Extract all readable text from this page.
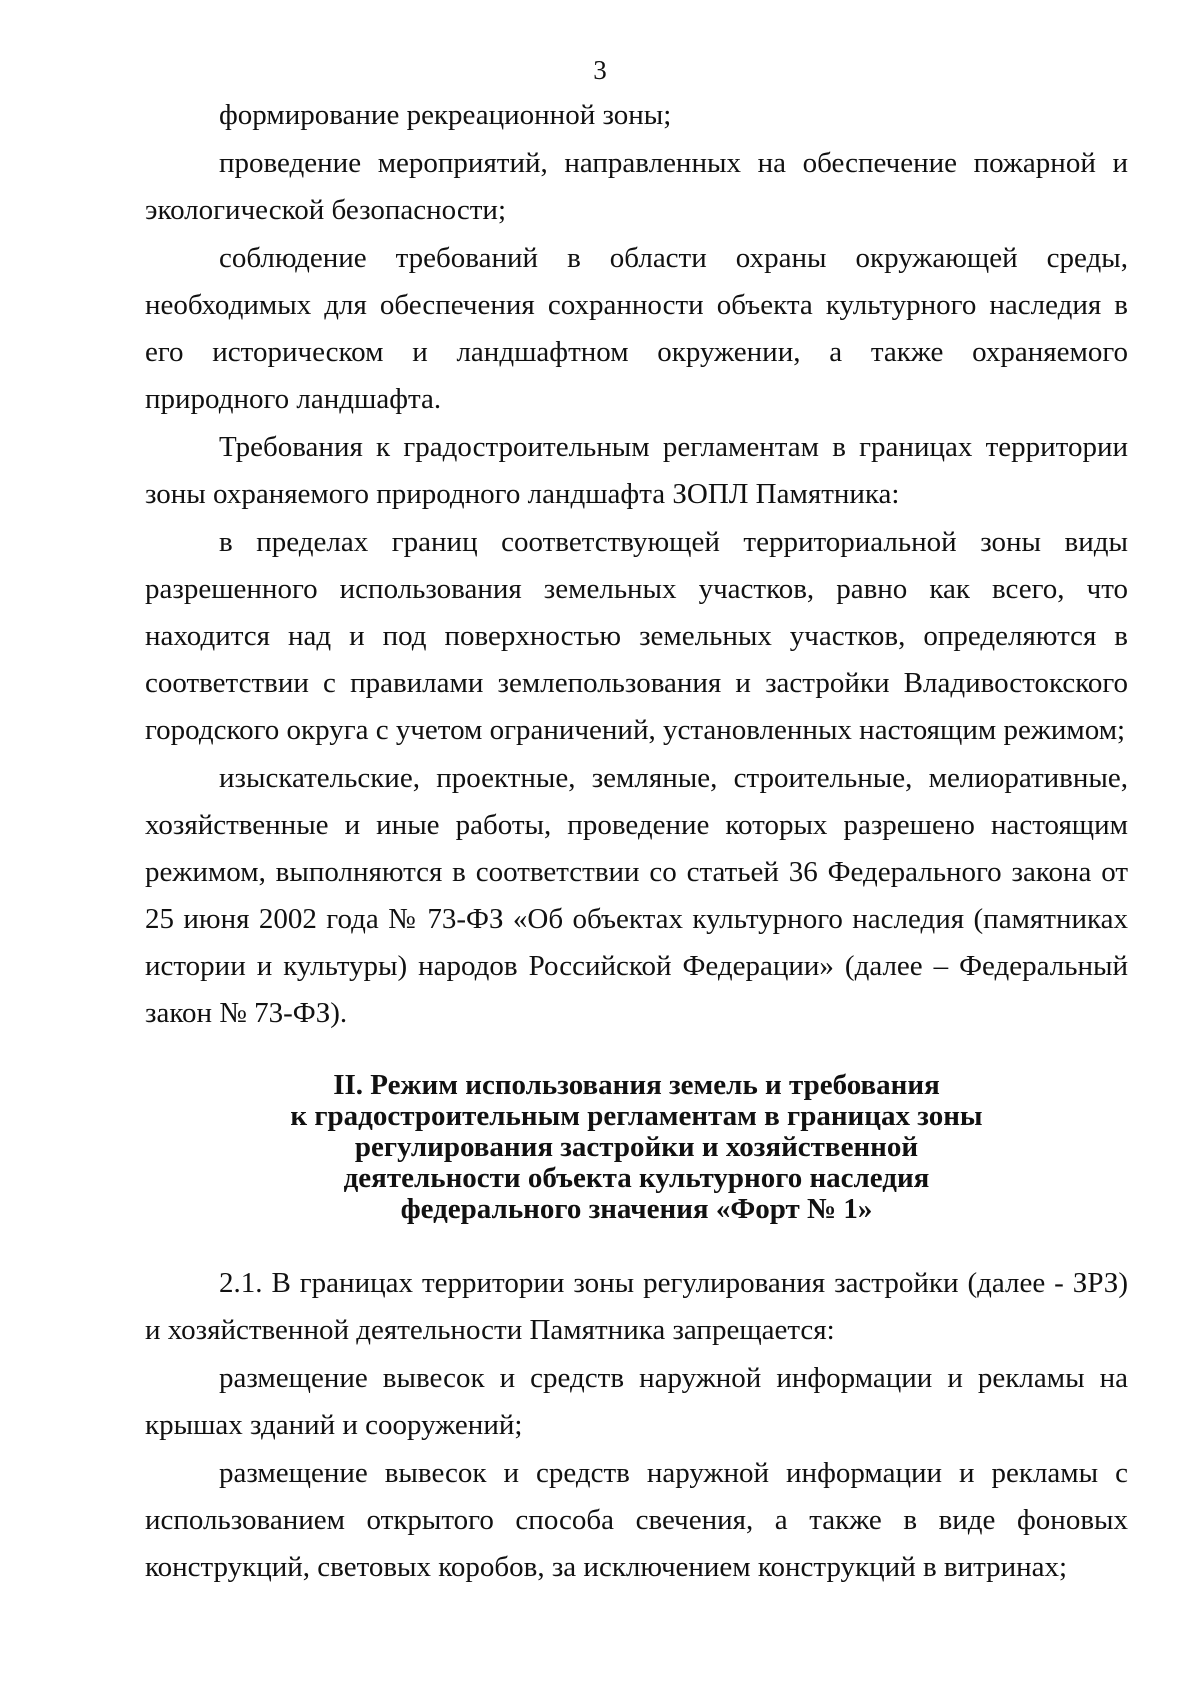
3

формирование рекреационной зоны;

проведение мероприятий, направленных на обеспечение пожарной и экологической безопасности;

соблюдение требований в области охраны окружающей среды, необходимых для обеспечения сохранности объекта культурного наследия в его историческом и ландшафтном окружении, а также охраняемого природного ландшафта.

Требования к градостроительным регламентам в границах территории зоны охраняемого природного ландшафта ЗОПЛ Памятника:

в пределах границ соответствующей территориальной зоны виды разрешенного использования земельных участков, равно как всего, что находится над и под поверхностью земельных участков, определяются в соответствии с правилами землепользования и застройки Владивостокского городского округа с учетом ограничений, установленных настоящим режимом;

изыскательские, проектные, земляные, строительные, мелиоративные, хозяйственные и иные работы, проведение которых разрешено настоящим режимом, выполняются в соответствии со статьей 36 Федерального закона от 25 июня 2002 года № 73-ФЗ «Об объектах культурного наследия (памятниках истории и культуры) народов Российской Федерации» (далее – Федеральный закон № 73-ФЗ).

II. Режим использования земель и требования
к градостроительным регламентам в границах зоны
регулирования застройки и хозяйственной
деятельности объекта культурного наследия
федерального значения «Форт № 1»

2.1. В границах территории зоны регулирования застройки (далее - ЗРЗ) и хозяйственной деятельности Памятника запрещается:

размещение вывесок и средств наружной информации и рекламы на крышах зданий и сооружений;

размещение вывесок и средств наружной информации и рекламы с использованием открытого способа свечения, а также в виде фоновых конструкций, световых коробов, за исключением конструкций в витринах;
